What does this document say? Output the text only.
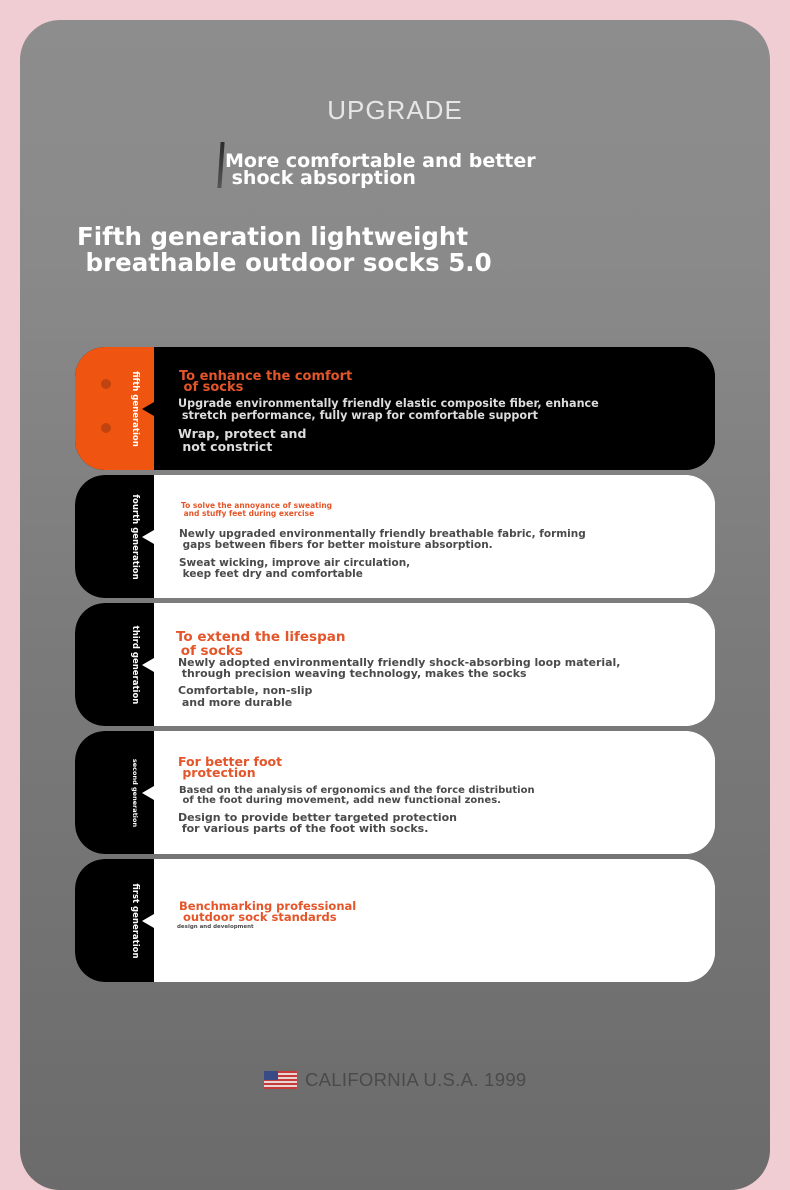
UPGRADE
More comfortable and better
shock absorption
Fifth generation lightweight
breathable outdoor socks 5.0
fifth generation	To enhance the comfort
of socks
Upgrade environmentally friendly elastic composite fiber, enhance
stretch performance, fully wrap for comfortable support
Wrap, protect and
not constrict
fourth generation	To solve the annoyance of sweating
and stuffy feet during exercise
Newly upgraded environmentally friendly breathable fabric, forming
gaps between fibers for better moisture absorption.
Sweat wicking, improve air circulation,
keep feet dry and comfortable
third generation	To extend the lifespan
of socks
Newly adopted environmentally friendly shock-absorbing loop material,
through precision weaving technology, makes the socks
Comfortable, non-slip
and more durable
second generation	For better foot
protection
Based on the analysis of ergonomics and the force distribution
of the foot during movement, add new functional zones.
Design to provide better targeted protection
for various parts of the foot with socks.
first generation	Benchmarking professional
outdoor sock standards
design and development
CALIFORNIA U.S.A. 1999
